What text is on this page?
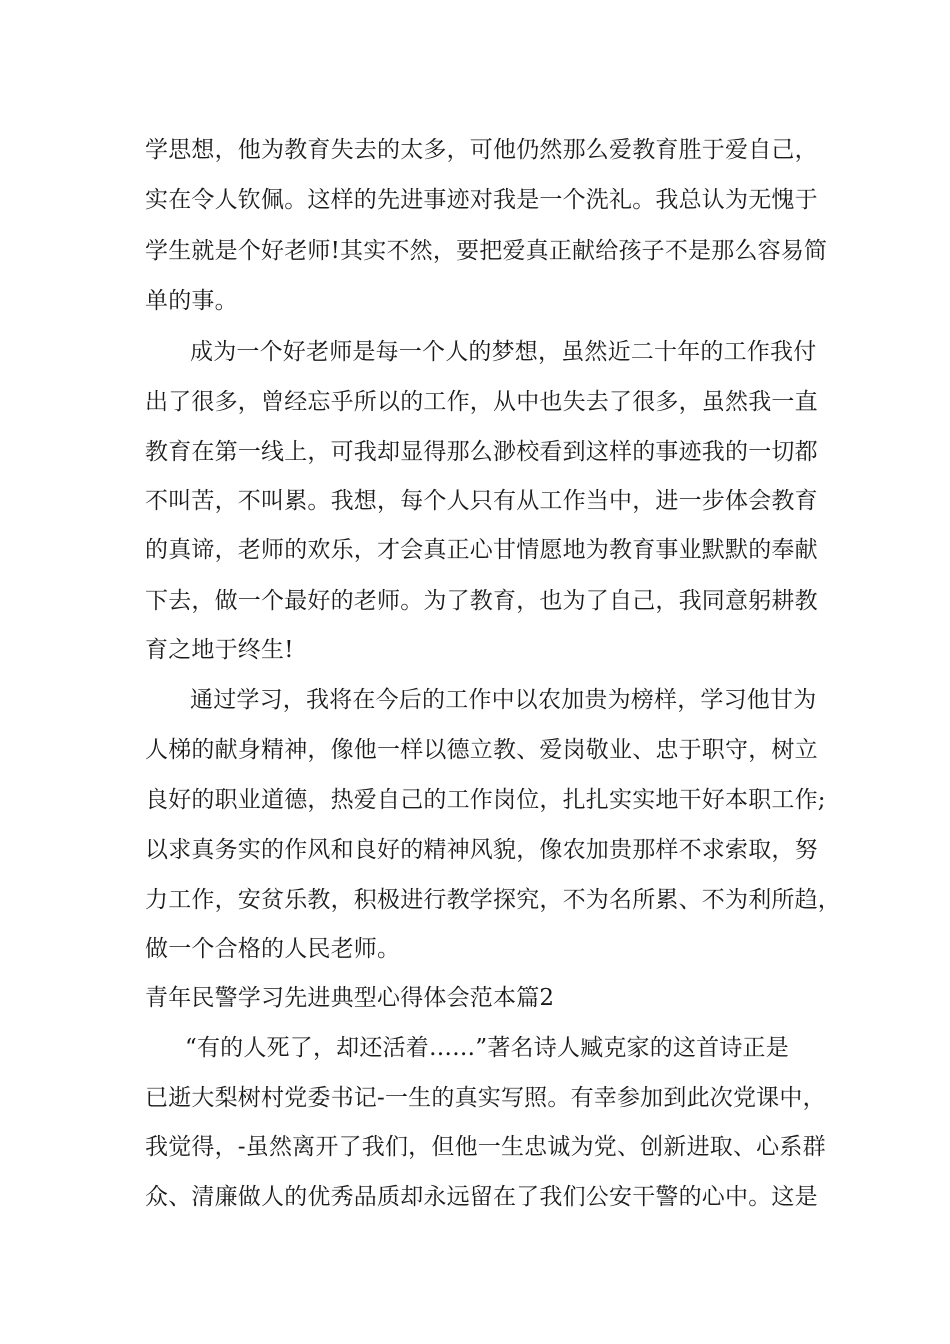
学思想，他为教育失去的太多，可他仍然那么爱教育胜于爱自己，
实在令人钦佩。这样的先进事迹对我是一个洗礼。我总认为无愧于
学生就是个好老师!其实不然，要把爱真正献给孩子不是那么容易简
单的事。
成为一个好老师是每一个人的梦想，虽然近二十年的工作我付
出了很多，曾经忘乎所以的工作，从中也失去了很多，虽然我一直
教育在第一线上，可我却显得那么渺校看到这样的事迹我的一切都
不叫苦，不叫累。我想，每个人只有从工作当中，进一步体会教育
的真谛，老师的欢乐，才会真正心甘情愿地为教育事业默默的奉献
下去，做一个最好的老师。为了教育，也为了自己，我同意躬耕教
育之地于终生!
通过学习，我将在今后的工作中以农加贵为榜样，学习他甘为
人梯的献身精神，像他一样以德立教、爱岗敬业、忠于职守，树立
良好的职业道德，热爱自己的工作岗位，扎扎实实地干好本职工作;
以求真务实的作风和良好的精神风貌，像农加贵那样不求索取，努
力工作，安贫乐教，积极进行教学探究，不为名所累、不为利所趋，
做一个合格的人民老师。
青年民警学习先进典型心得体会范本篇2
“有的人死了，却还活着……”著名诗人臧克家的这首诗正是
已逝大梨树村党委书记-一生的真实写照。有幸参加到此次党课中，
我觉得，-虽然离开了我们，但他一生忠诚为党、创新进取、心系群
众、清廉做人的优秀品质却永远留在了我们公安干警的心中。这是
